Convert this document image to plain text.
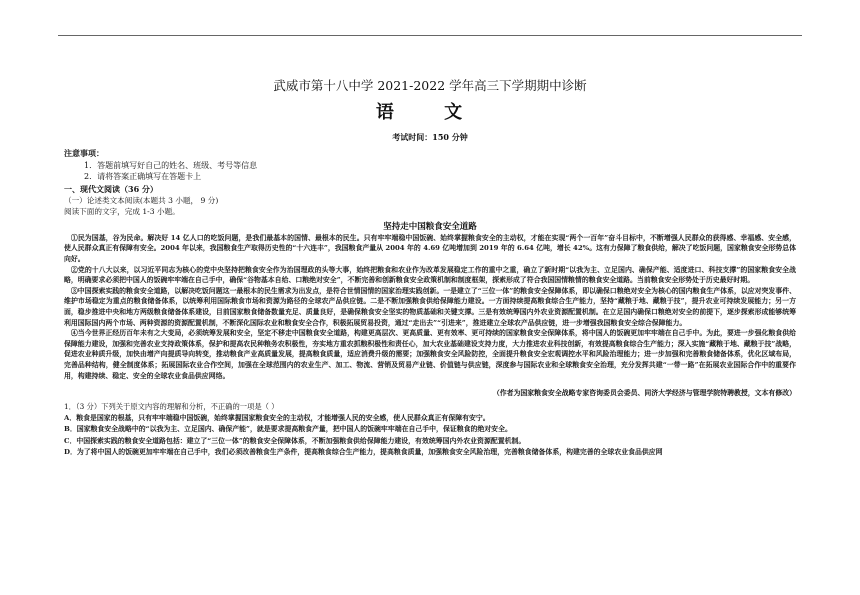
武威市第十八中学 2021-2022 学年高三下学期期中诊断
语 文
考试时间：150 分钟
注意事项：
1．答题前填写好自己的姓名、班级、考号等信息
2．请将答案正确填写在答题卡上
一、现代文阅读（36 分）
（一）论述类文本阅读(本题共 3 小题， 9 分)
阅读下面的文字，完成 1-3 小题。
坚持走中国粮食安全道路
①民为国基，谷为民命。解决好 14 亿人口的吃饭问题，是我们最基本的国情、最根本的民生。只有牢牢端稳中国饭碗、始终掌握粮食安全的主动权，才能在实现“两个一百年”奋斗目标中，不断增强人民群众的获得感、幸福感、安全感，使人民群众真正有保障有安全。2004 年以来，我国粮食生产取得历史性的“十六连丰”，我国粮食产量从 2004 年的 4.69 亿吨增加到 2019 年的 6.64 亿吨，增长 42%。这有力保障了粮食供给，解决了吃饭问题，国家粮食安全形势总体向好。
②党的十八大以来，以习近平同志为核心的党中央坚持把粮食安全作为治国理政的头等大事，始终把粮食和农业作为改革发展稳定工作的重中之重，确立了新时期“以我为主、立足国内、确保产能、适度进口、科技支撑”的国家粮食安全战略，明确要求必须把中国人的饭碗牢牢端在自己手中，确保“谷物基本自给、口粮绝对安全”，不断完善和创新粮食安全政策机制和制度框架，探索形成了符合我国国情粮情的粮食安全道路。当前粮食安全形势处于历史最好时期。
③中国探索实践的粮食安全道路，以解决吃饭问题这一最根本的民生需求为出发点，是符合世情国情的国家治理实践创新。一是建立了“三位一体”的粮食安全保障体系，即以确保口粮绝对安全为核心的国内粮食生产体系，以应对突发事件、维护市场稳定为重点的粮食储备体系，以统筹利用国际粮食市场和资源为路径的全球农产品供应链。二是不断加强粮食供给保障能力建设。一方面持续提高粮食综合生产能力，坚持“藏粮于地、藏粮于技”，提升农业可持续发展能力；另一方面，稳步推进中央和地方两级粮食储备体系建设，目前国家粮食储备数量充足、质量良好，是确保粮食安全坚实的物质基础和关键支撑。三是有效统筹国内外农业资源配置机制。在立足国内确保口粮绝对安全的前提下，逐步探索形成能够统筹利用国际国内两个市场、两种资源的资源配置机制，不断深化国际农业和粮食安全合作，积极拓展贸易投资，通过“走出去”“引进来”，推进建立全球农产品供应链，进一步增强我国粮食安全综合保障能力。
④当今世界正经历百年未有之大变局，必须统筹发展和安全，坚定不移走中国粮食安全道路，构建更高层次、更高质量、更有效率、更可持续的国家粮食安全保障体系，将中国人的饭碗更加牢牢端在自己手中。为此，要进一步强化粮食供给保障能力建设，加强和完善农业支持政策体系，保护和提高农民种粮务农积极性，夯实地方重农抓粮积极性和责任心，加大农业基础建设支持力度，大力推进农业科技创新，有效提高粮食综合生产能力；深入实施“藏粮于地、藏粮于技”战略，促进农业种质升级，加快由增产向提质导向转变，推动粮食产业高质量发展，提高粮食质量，适应消费升级的需要；加强粮食安全风险防控，全面提升粮食安全宏观调控水平和风险治理能力；进一步加强和完善粮食储备体系，优化区域布局，完善品种结构，健全制度体系；拓展国际农业合作空间，加强在全球范围内的农业生产、加工、物流、营销及贸易产业链、价值链与供应链，深度参与国际农业和全球粮食安全治理，充分发挥共建“一带一路”在拓展农业国际合作中的重要作用，构建持续、稳定、安全的全球农业食品供应网络。
（作者为国家粮食安全战略专家咨询委员会委员、同济大学经济与管理学院特聘教授，文本有修改）
1．（3 分）下列关于原文内容的理解和分析，不正确的一项是（ ）
A．粮食是国家的根基，只有牢牢端稳中国饭碗，始终掌握国家粮食安全的主动权，才能增强人民的安全感，使人民群众真正有保障有安宁。
B．国家粮食安全战略中的“以我为主、立足国内、确保产能”，就是要求提高粮食产量，把中国人的饭碗牢牢端在自己手中，保证粮食的绝对安全。
C．中国探索实践的粮食安全道路包括：建立了“三位一体”的粮食安全保障体系，不断加强粮食供给保障能力建设，有效统筹国内外农业资源配置机制。
D．为了将中国人的饭碗更加牢牢端在自己手中，我们必须改善粮食生产条件，提高粮食综合生产能力，提高粮食质量，加强粮食安全风险治理，完善粮食储备体系，构建完善的全球农业食品供应网
